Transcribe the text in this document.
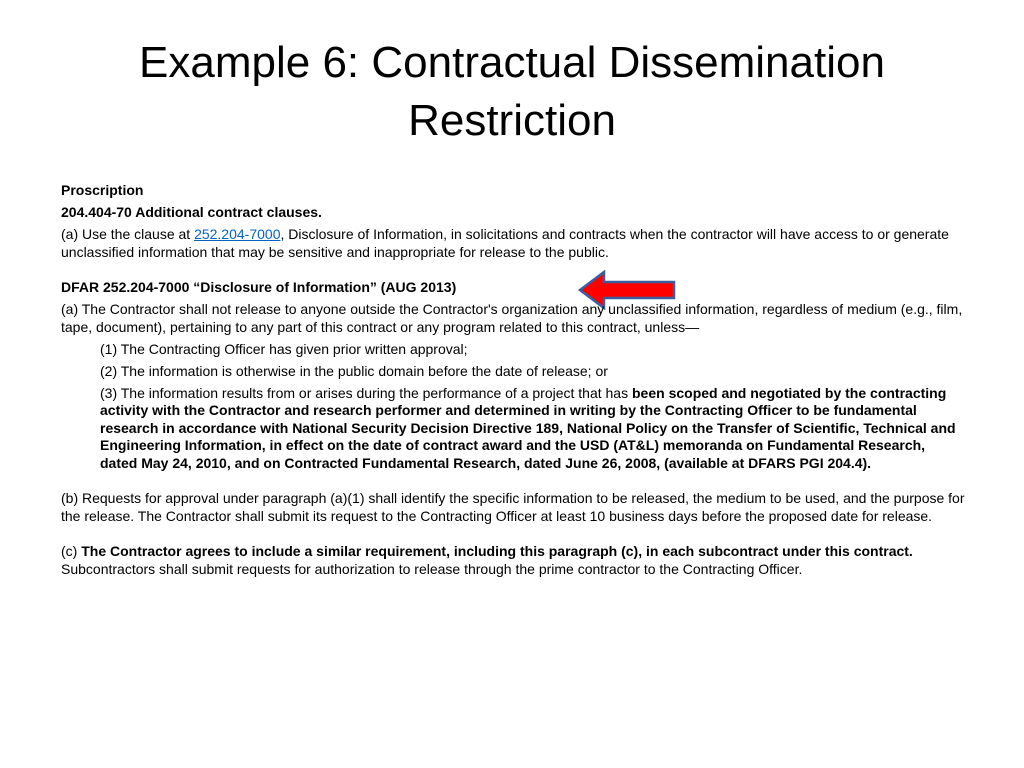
Example 6: Contractual Dissemination
Restriction

Proscription

204.404-70 Additional contract clauses.

(a) Use the clause at 252.204-7000, Disclosure of Information, in solicitations and contracts when the contractor will have access to or generate unclassified information that may be sensitive and inappropriate for release to the public.

DFAR 252.204-7000 “Disclosure of Information” (AUG 2013)

(a) The Contractor shall not release to anyone outside the Contractor's organization any unclassified information, regardless of medium (e.g., film, tape, document), pertaining to any part of this contract or any program related to this contract, unless—

(1) The Contracting Officer has given prior written approval;

(2) The information is otherwise in the public domain before the date of release; or

(3) The information results from or arises during the performance of a project that has been scoped and negotiated by the contracting activity with the Contractor and research performer and determined in writing by the Contracting Officer to be fundamental research in accordance with National Security Decision Directive 189, National Policy on the Transfer of Scientific, Technical and Engineering Information, in effect on the date of contract award and the USD (AT&L) memoranda on Fundamental Research, dated May 24, 2010, and on Contracted Fundamental Research, dated June 26, 2008, (available at DFARS PGI 204.4).

(b) Requests for approval under paragraph (a)(1) shall identify the specific information to be released, the medium to be used, and the purpose for the release. The Contractor shall submit its request to the Contracting Officer at least 10 business days before the proposed date for release.

(c) The Contractor agrees to include a similar requirement, including this paragraph (c), in each subcontract under this contract. Subcontractors shall submit requests for authorization to release through the prime contractor to the Contracting Officer.
